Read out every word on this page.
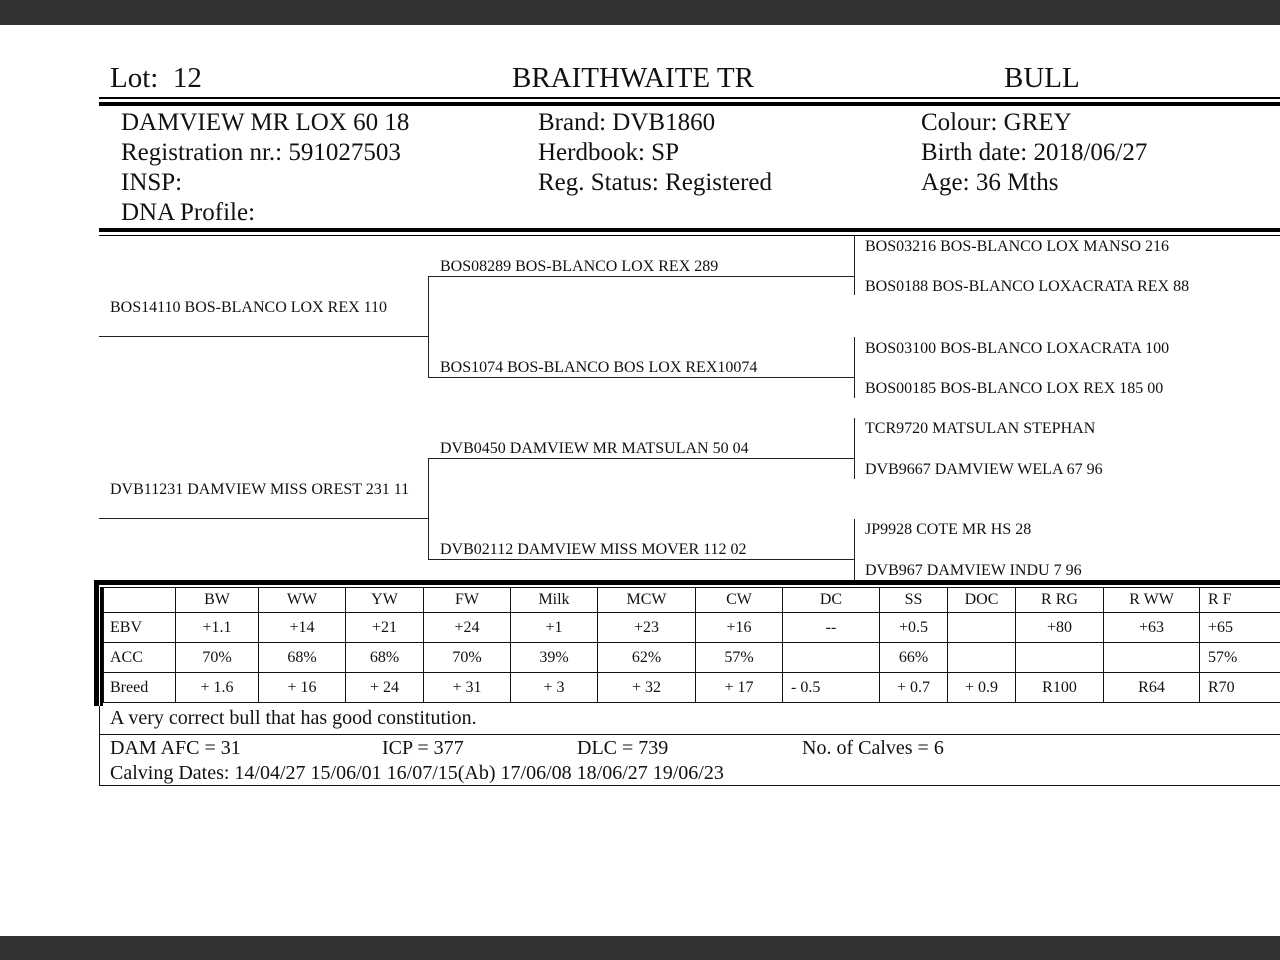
Lot: 12	BRAITHWAITE TR	BULL
DAMVIEW MR LOX 60 18
Registration nr.: 591027503
INSP:
DNA Profile:
Brand: DVB1860
Herdbook: SP
Reg. Status: Registered
Colour: GREY
Birth date: 2018/06/27
Age: 36 Mths
BOS14110 BOS-BLANCO LOX REX 110
DVB11231 DAMVIEW MISS OREST 231 11
BOS08289 BOS-BLANCO LOX REX 289
BOS1074 BOS-BLANCO BOS LOX REX10074
DVB0450 DAMVIEW MR MATSULAN 50 04
DVB02112 DAMVIEW MISS MOVER 112 02
BOS03216 BOS-BLANCO LOX MANSO 216
BOS0188 BOS-BLANCO LOXACRATA REX 88
BOS03100 BOS-BLANCO LOXACRATA 100
BOS00185 BOS-BLANCO LOX REX 185 00
TCR9720 MATSULAN STEPHAN
DVB9667 DAMVIEW WELA 67 96
JP9928 COTE MR HS 28
DVB967 DAMVIEW INDU 7 96
	BW	WW	YW	FW	Milk	MCW	CW	DC	SS	DOC	R RG	R WW	R F
EBV	+1.1	+14	+21	+24	+1	+23	+16	--	+0.5		+80	+63	+65
ACC	70%	68%	68%	70%	39%	62%	57%		66%				57%
Breed	+ 1.6	+ 16	+ 24	+ 31	+ 3	+ 32	+ 17	- 0.5	+ 0.7	+ 0.9	R100	R64	R70
A very correct bull that has good constitution.
DAM AFC = 31	ICP = 377	DLC = 739	No. of Calves = 6
Calving Dates: 14/04/27 15/06/01 16/07/15(Ab) 17/06/08 18/06/27 19/06/23
